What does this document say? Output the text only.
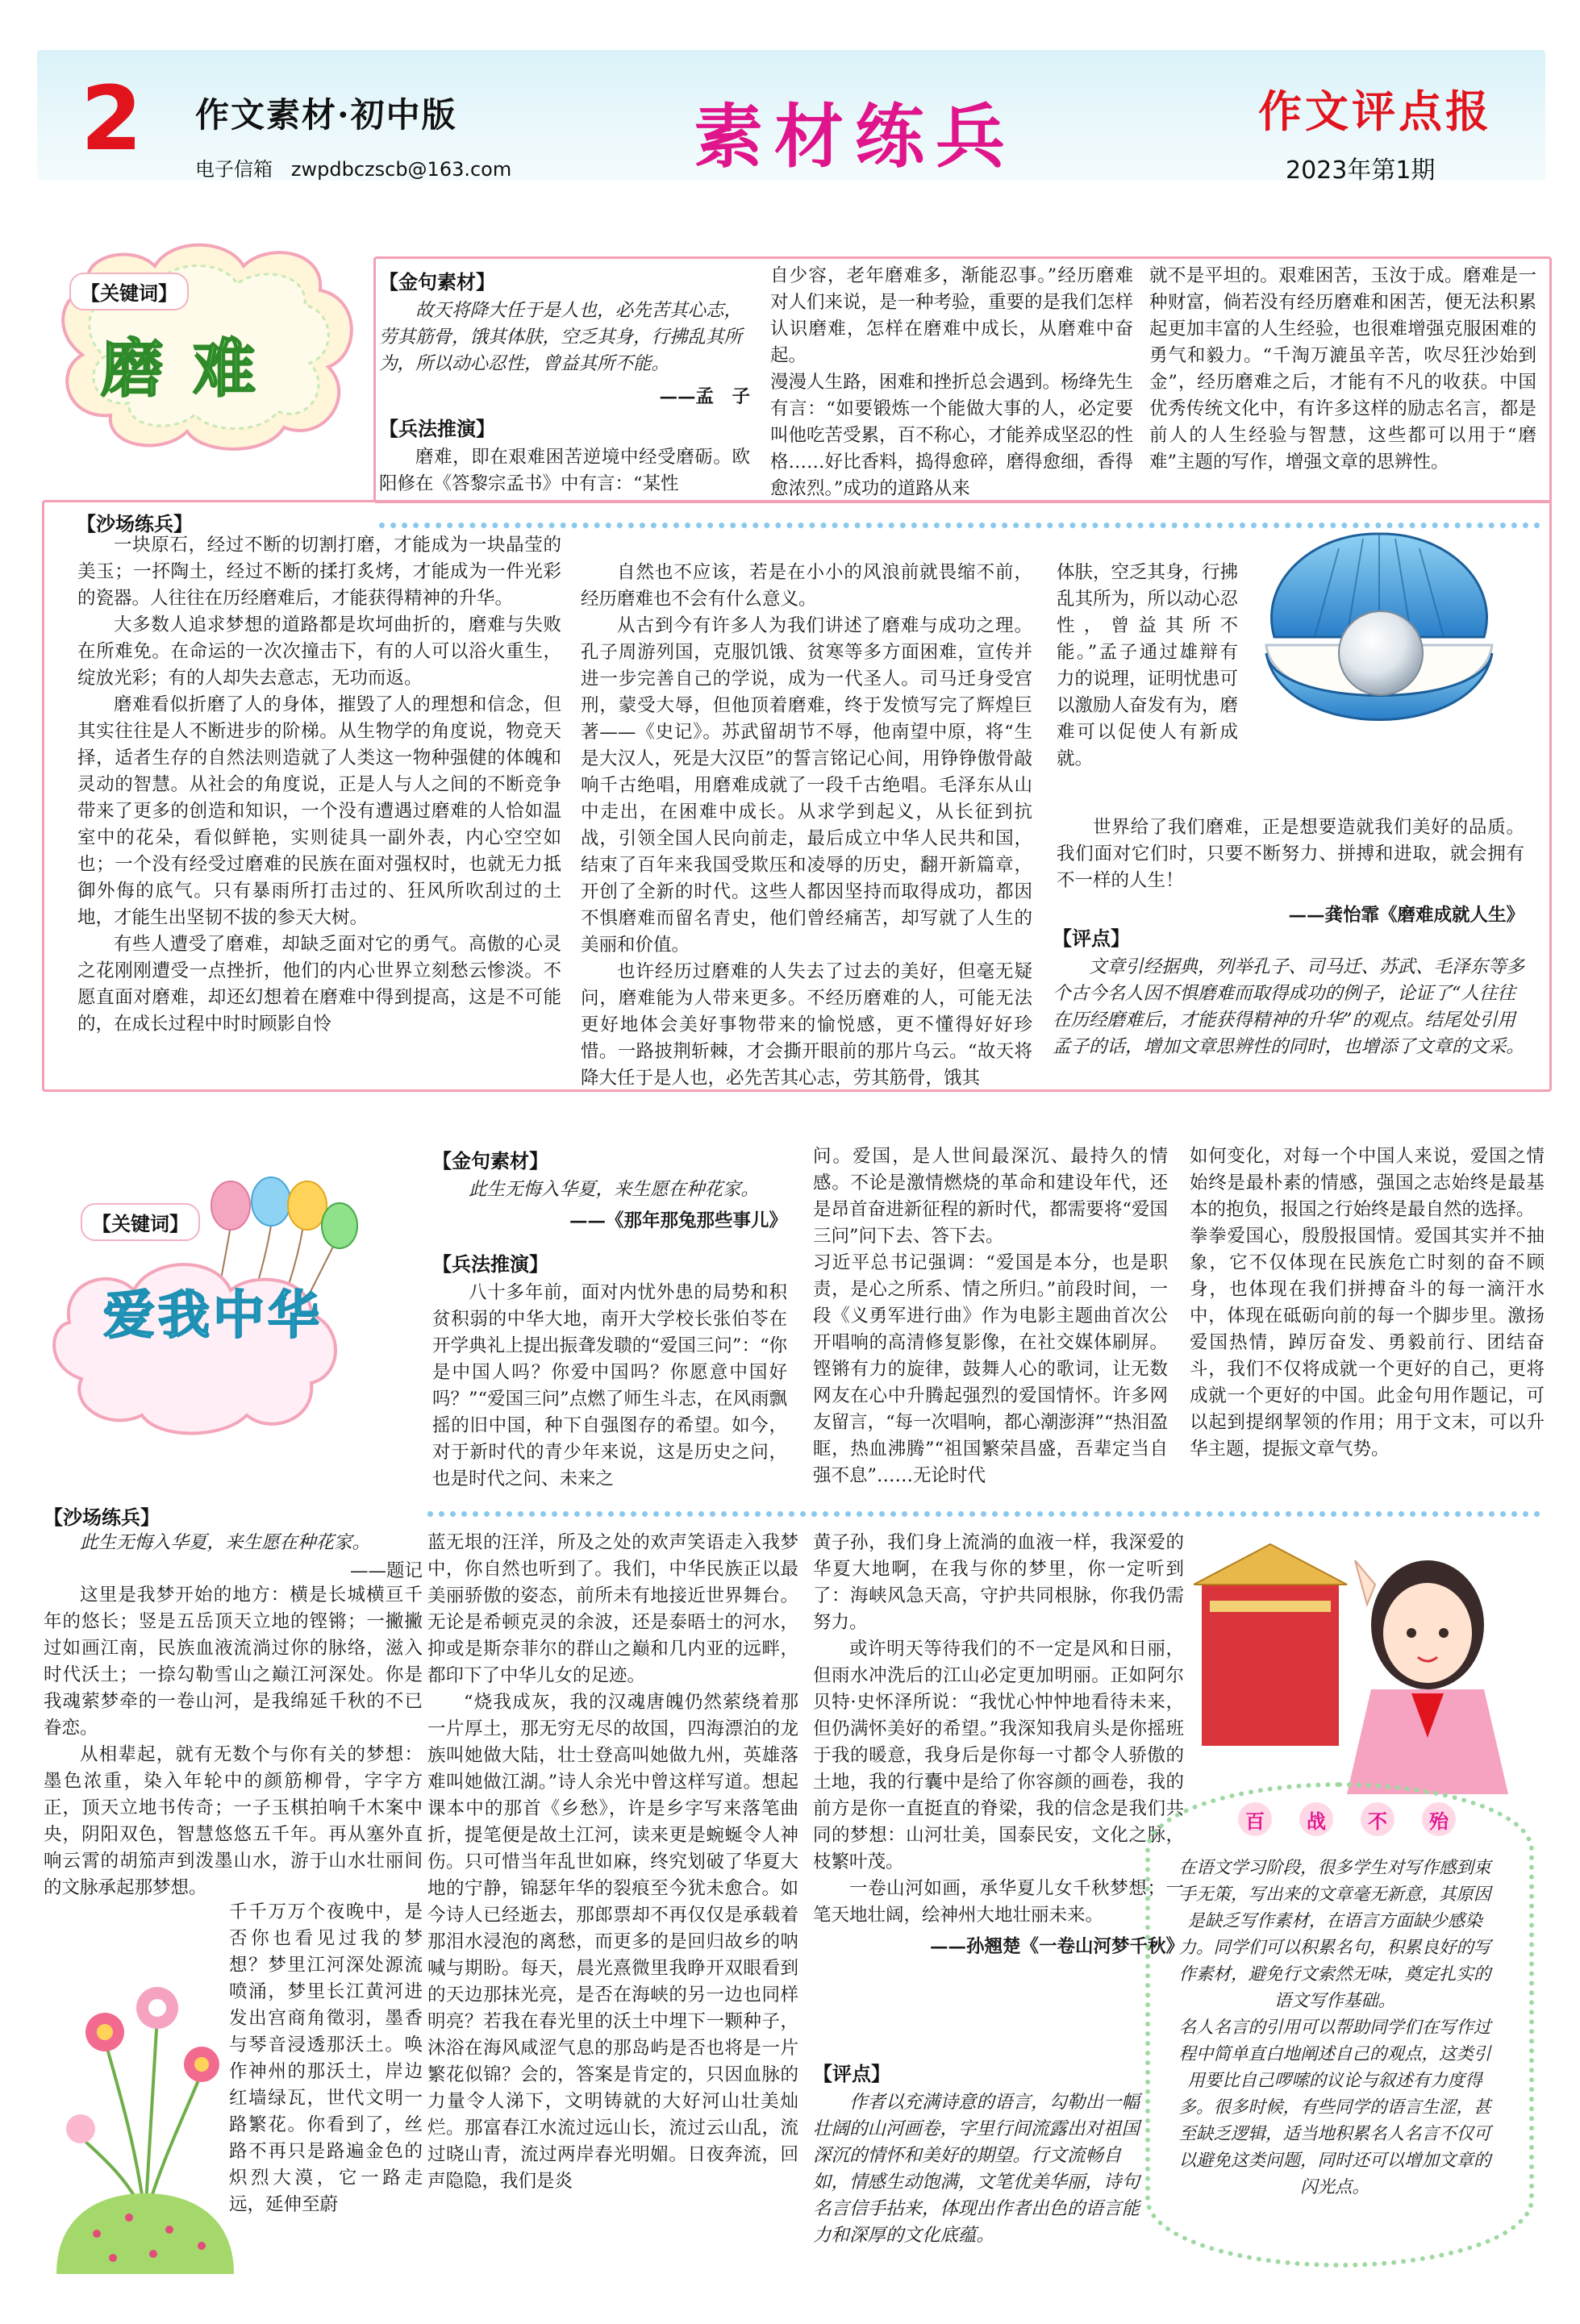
2 作文素材·初中版
电子信箱 zwpdbczscb@163.com	素材练兵	作文评点报
2023年第1期
【关键词】
磨难
【金句素材】
故天将降大任于是人也，必先苦其心志，劳其筋骨，饿其体肤，空乏其身，行拂乱其所为，所以动心忍性，曾益其所不能。
——孟　子
【兵法推演】
磨难，即在艰难困苦逆境中经受磨砺。欧阳修在《答黎宗孟书》中有言：“某性
自少容，老年磨难多，渐能忍事。”经历磨难对人们来说，是一种考验，重要的是我们怎样认识磨难，怎样在磨难中成长，从磨难中奋起。
漫漫人生路，困难和挫折总会遇到。杨绛先生有言：“如要锻炼一个能做大事的人，必定要叫他吃苦受累，百不称心，才能养成坚忍的性格……好比香料，捣得愈碎，磨得愈细，香得愈浓烈。”成功的道路从来
就不是平坦的。艰难困苦，玉汝于成。磨难是一种财富，倘若没有经历磨难和困苦，便无法积累起更加丰富的人生经验，也很难增强克服困难的勇气和毅力。“千淘万漉虽辛苦，吹尽狂沙始到金”，经历磨难之后，才能有不凡的收获。中国优秀传统文化中，有许多这样的励志名言，都是前人的人生经验与智慧，这些都可以用于“磨难”主题的写作，增强文章的思辨性。
【沙场练兵】

一块原石，经过不断的切割打磨，才能成为一块晶莹的美玉；一抔陶土，经过不断的揉打炙烤，才能成为一件光彩的瓷器。人往往在历经磨难后，才能获得精神的升华。

大多数人追求梦想的道路都是坎坷曲折的，磨难与失败在所难免。在命运的一次次撞击下，有的人可以浴火重生，绽放光彩；有的人却失去意志，无功而返。

磨难看似折磨了人的身体，摧毁了人的理想和信念，但其实往往是人不断进步的阶梯。从生物学的角度说，物竞天择，适者生存的自然法则造就了人类这一物种强健的体魄和灵动的智慧。从社会的角度说，正是人与人之间的不断竞争带来了更多的创造和知识，一个没有遭遇过磨难的人恰如温室中的花朵，看似鲜艳，实则徒具一副外表，内心空空如也；一个没有经受过磨难的民族在面对强权时，也就无力抵御外侮的底气。只有暴雨所打击过的、狂风所吹刮过的土地，才能生出坚韧不拔的参天大树。

有些人遭受了磨难，却缺乏面对它的勇气。高傲的心灵之花刚刚遭受一点挫折，他们的内心世界立刻愁云惨淡。不愿直面对磨难，却还幻想着在磨难中得到提高，这是不可能的，在成长过程中时时顾影自怜

自然也不应该，若是在小小的风浪前就畏缩不前，经历磨难也不会有什么意义。

从古到今有许多人为我们讲述了磨难与成功之理。孔子周游列国，克服饥饿、贫寒等多方面困难，宣传并进一步完善自己的学说，成为一代圣人。司马迁身受宫刑，蒙受大辱，但他顶着磨难，终于发愤写完了辉煌巨著——《史记》。苏武留胡节不辱，他南望中原，将“生是大汉人，死是大汉臣”的誓言铭记心间，用铮铮傲骨敲响千古绝唱，用磨难成就了一段千古绝唱。毛泽东从山中走出，在困难中成长。从求学到起义，从长征到抗战，引领全国人民向前走，最后成立中华人民共和国，结束了百年来我国受欺压和凌辱的历史，翻开新篇章，开创了全新的时代。这些人都因坚持而取得成功，都因不惧磨难而留名青史，他们曾经痛苦，却写就了人生的美丽和价值。

也许经历过磨难的人失去了过去的美好，但毫无疑问，磨难能为人带来更多。不经历磨难的人，可能无法更好地体会美好事物带来的愉悦感，更不懂得好好珍惜。一路披荆斩棘，才会撕开眼前的那片乌云。“故天将降大任于是人也，必先苦其心志，劳其筋骨，饿其

体肤，空乏其身，行拂乱其所为，所以动心忍性，曾益其所不能。”孟子通过雄辩有力的说理，证明忧患可以激励人奋发有为，磨难可以促使人有新成就。

世界给了我们磨难，正是想要造就我们美好的品质。我们面对它们时，只要不断努力、拼搏和进取，就会拥有不一样的人生！

——龚怡霏《磨难成就人生》
【评点】
文章引经据典，列举孔子、司马迁、苏武、毛泽东等多个古今名人因不惧磨难而取得成功的例子，论证了“人往往在历经磨难后，才能获得精神的升华”的观点。结尾处引用孟子的话，增加文章思辨性的同时，也增添了文章的文采。
【关键词】
爱我中华
【金句素材】
此生无悔入华夏，来生愿在种花家。
——《那年那兔那些事儿》
【兵法推演】
八十多年前，面对内忧外患的局势和积贫积弱的中华大地，南开大学校长张伯苓在开学典礼上提出振聋发聩的“爱国三问”：“你是中国人吗？你爱中国吗？你愿意中国好吗？”“爱国三问”点燃了师生斗志，在风雨飘摇的旧中国，种下自强图存的希望。如今，对于新时代的青少年来说，这是历史之问，也是时代之问、未来之
问。爱国，是人世间最深沉、最持久的情感。不论是激情燃烧的革命和建设年代，还是昂首奋进新征程的新时代，都需要将“爱国三问”问下去、答下去。
习近平总书记强调：“爱国是本分，也是职责，是心之所系、情之所归。”前段时间，一段《义勇军进行曲》作为电影主题曲首次公开唱响的高清修复影像，在社交媒体刷屏。铿锵有力的旋律，鼓舞人心的歌词，让无数网友在心中升腾起强烈的爱国情怀。许多网友留言，“每一次唱响，都心潮澎湃”“热泪盈眶，热血沸腾”“祖国繁荣昌盛，吾辈定当自强不息”……无论时代
如何变化，对每一个中国人来说，爱国之情始终是最朴素的情感，强国之志始终是最基本的抱负，报国之行始终是最自然的选择。
拳拳爱国心，殷殷报国情。爱国其实并不抽象，它不仅体现在民族危亡时刻的奋不顾身，也体现在我们拼搏奋斗的每一滴汗水中，体现在砥砺向前的每一个脚步里。激扬爱国热情，踔厉奋发、勇毅前行、团结奋斗，我们不仅将成就一个更好的自己，更将成就一个更好的中国。此金句用作题记，可以起到提纲挈领的作用；用于文末，可以升华主题，提振文章气势。
【沙场练兵】
此生无悔入华夏，来生愿在种花家。
——题记

这里是我梦开始的地方：横是长城横亘千年的悠长；竖是五岳顶天立地的铿锵；一撇撇过如画江南，民族血液流淌过你的脉络，滋入时代沃土；一捺勾勒雪山之巅江河深处。你是我魂萦梦牵的一卷山河，是我绵延千秋的不已眷恋。

从相辈起，就有无数个与你有关的梦想：墨色浓重，染入年轮中的颜筋柳骨，字字方正，顶天立地书传奇；一子玉棋拍响千木案中央，阴阳双色，智慧悠悠五千年。再从塞外直响云霄的胡笳声到泼墨山水，游于山水壮丽间的文脉承起那梦想。

千千万万个夜晚中，是否你也看见过我的梦想？梦里江河深处源流喷涌，梦里长江黄河进发出宫商角徵羽，墨香与琴音浸透那沃土。唤作神州的那沃土，岸边红墙绿瓦，世代文明一路繁花。你看到了，丝路不再只是路遍金色的炽烈大漠，它一路走远，延伸至蔚

蓝无垠的汪洋，所及之处的欢声笑语走入我梦中，你自然也听到了。我们，中华民族正以最美丽骄傲的姿态，前所未有地接近世界舞台。无论是希顿克灵的余波，还是泰晤士的河水，抑或是斯奈菲尔的群山之巅和几内亚的远畔，都印下了中华儿女的足迹。

“烧我成灰，我的汉魂唐魄仍然萦绕着那一片厚土，那无穷无尽的故国，四海漂泊的龙族叫她做大陆，壮士登高叫她做九州，英雄落难叫她做江湖。”诗人余光中曾这样写道。想起课本中的那首《乡愁》，许是乡字写来落笔曲折，提笔便是故土江河，读来更是蜿蜒令人神伤。只可惜当年乱世如麻，终究划破了华夏大地的宁静，锦瑟年华的裂痕至今犹未愈合。如今诗人已经逝去，那郎票却不再仅仅是承载着那泪水浸泡的离愁，而更多的是回归故乡的呐喊与期盼。每天，晨光熹微里我睁开双眼看到的天边那抹光亮，是否在海峡的另一边也同样明亮？若我在春光里的沃土中埋下一颗种子，沐浴在海风咸涩气息的那岛屿是否也将是一片繁花似锦？会的，答案是肯定的，只因血脉的力量令人涕下，文明铸就的大好河山壮美灿烂。那富春江水流过远山长，流过云山乱，流过晓山青，流过两岸春光明媚。日夜奔流，回声隐隐，我们是炎

黄子孙，我们身上流淌的血液一样，我深爱的华夏大地啊，在我与你的梦里，你一定听到了：海峡风急天高，守护共同根脉，你我仍需努力。

或许明天等待我们的不一定是风和日丽，但雨水冲洗后的江山必定更加明丽。正如阿尔贝特·史怀泽所说：“我忧心忡忡地看待未来，但仍满怀美好的希望。”我深知我肩头是你摇班于我的暖意，我身后是你每一寸都令人骄傲的土地，我的行囊中是给了你容颜的画卷，我的前方是你一直挺直的脊梁，我的信念是我们共同的梦想：山河壮美，国泰民安，文化之脉，枝繁叶茂。

一卷山河如画，承华夏儿女千秋梦想；一笔天地壮阔，绘神州大地壮丽未来。

——孙翘楚《一卷山河梦千秋》
【评点】
作者以充满诗意的语言，勾勒出一幅壮阔的山河画卷，字里行间流露出对祖国深沉的情怀和美好的期望。行文流畅自如，情感生动饱满，文笔优美华丽，诗句名言信手拈来，体现出作者出色的语言能力和深厚的文化底蕴。
百	战	不	殆
在语文学习阶段，很多学生对写作感到束手无策，写出来的文章毫无新意，其原因是缺乏写作素材，在语言方面缺少感染力。同学们可以积累名句，积累良好的写作素材，避免行文索然无味，奠定扎实的语文写作基础。
名人名言的引用可以帮助同学们在写作过程中简单直白地阐述自己的观点，这类引用要比自己啰嗦的议论与叙述有力度得多。很多时候，有些同学的语言生涩，甚至缺乏逻辑，适当地积累名人名言不仅可以避免这类问题，同时还可以增加文章的闪光点。
